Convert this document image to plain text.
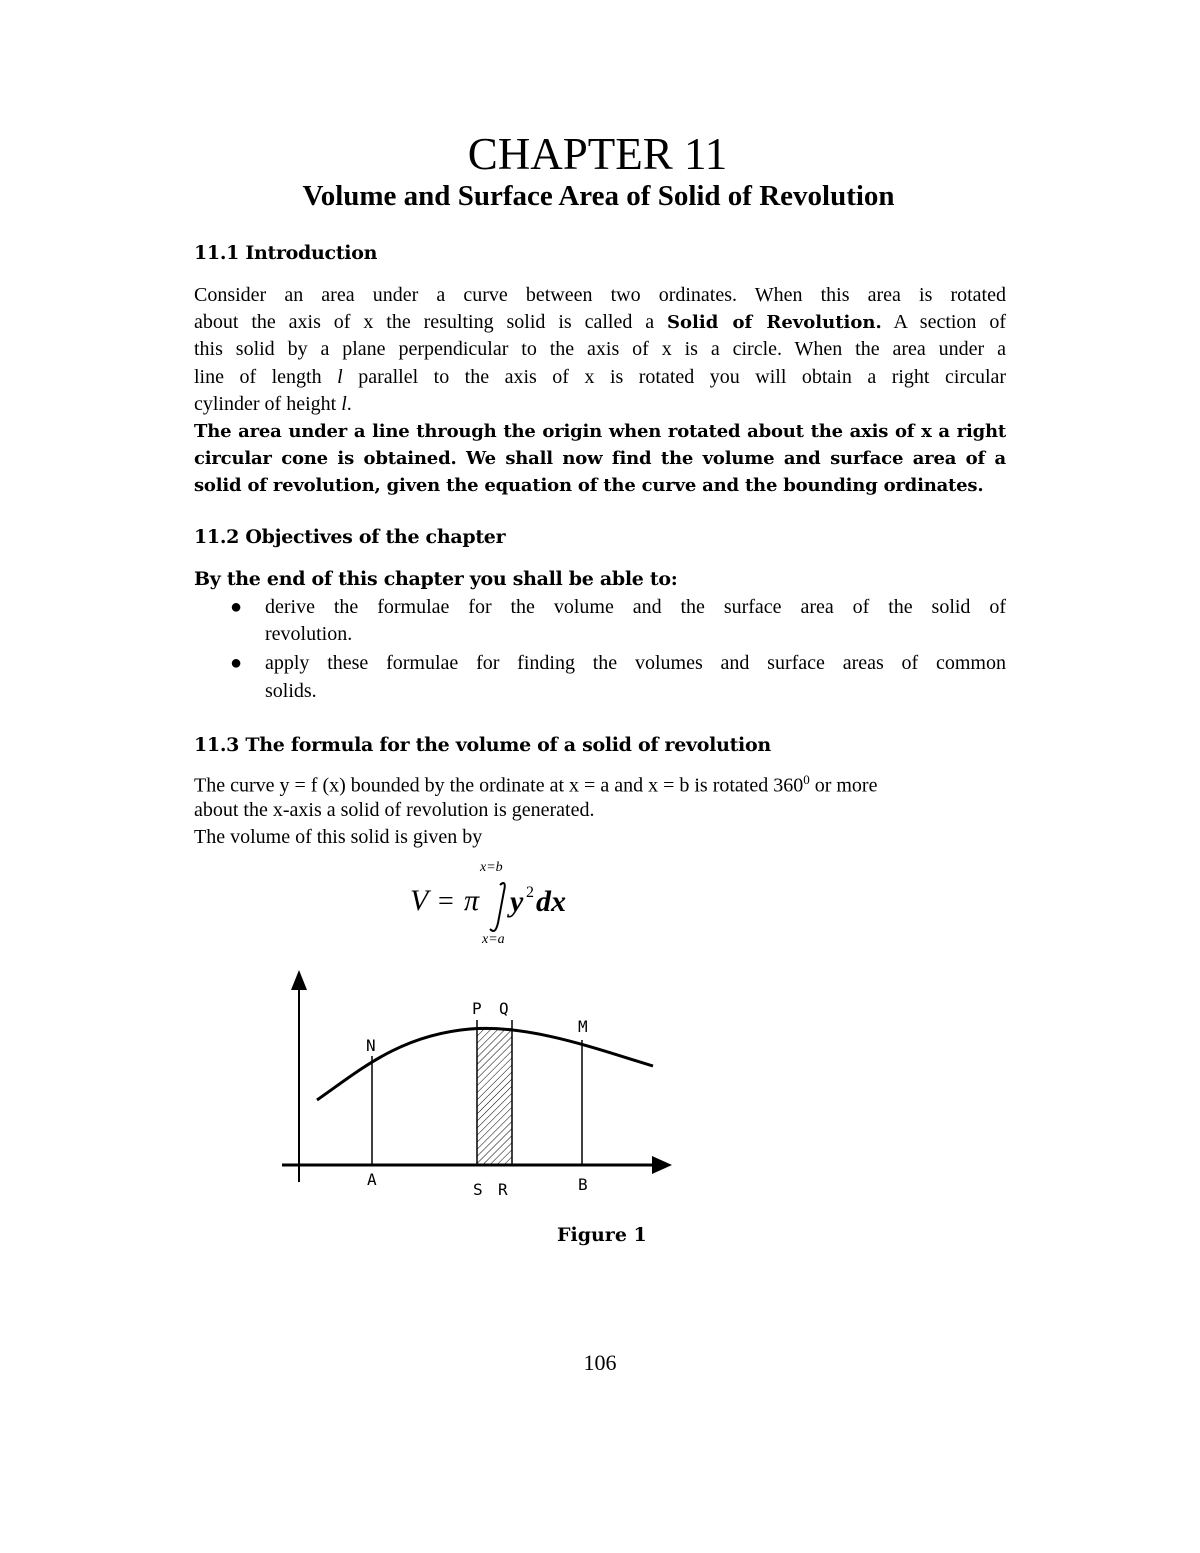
CHAPTER 11
Volume and Surface Area of Solid of Revolution
11.1 Introduction
Consider an area under a curve between two ordinates. When this area is rotated
about the axis of x the resulting solid is called a Solid of Revolution. A section of
this solid by a plane perpendicular to the axis of x is a circle. When the area under a
line of length l parallel to the axis of x is rotated you will obtain a right circular
cylinder of height l.
The area under a line through the origin when rotated about the axis of x a right
circular cone is obtained. We shall now find the volume and surface area of a
solid of revolution, given the equation of the curve and the bounding ordinates.
11.2 Objectives of the chapter
By the end of this chapter you shall be able to:
● derive the formulae for the volume and the surface area of the solid of
revolution.
● apply these formulae for finding the volumes and surface areas of common
solids.
11.3 The formula for the volume of a solid of revolution
The curve y = f (x) bounded by the ordinate at x = a and x = b is rotated $360^0$ or more
about the x-axis a solid of revolution is generated.
The volume of this solid is given by
x=b
V = π y 2 dx
x=a
N
P Q
M
A
S R	B
Figure 1
106
